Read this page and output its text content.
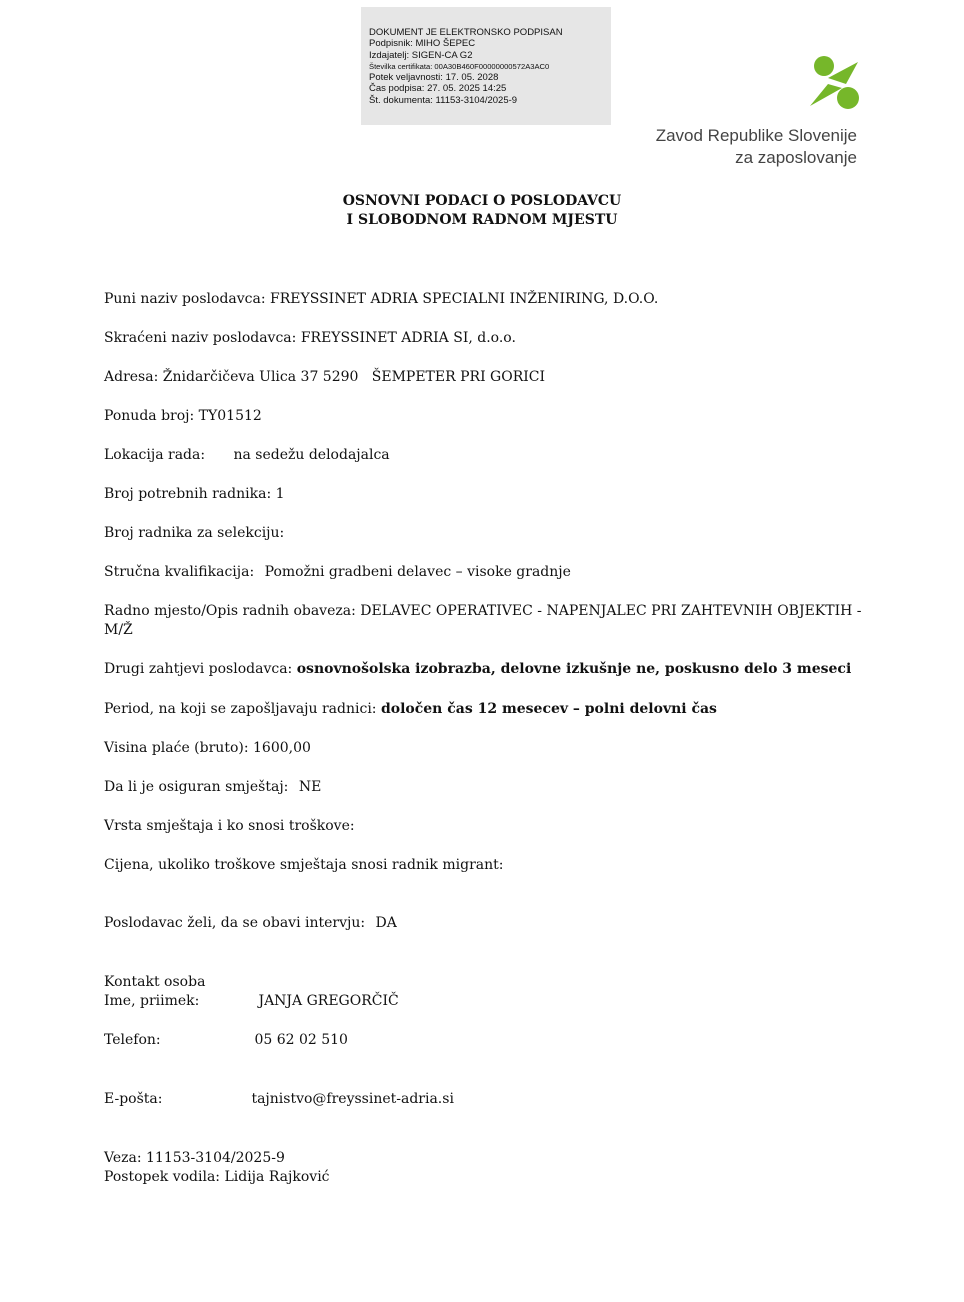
DOKUMENT JE ELEKTRONSKO PODPISAN
Podpisnik: MIHO ŠEPEC
Izdajatelj: SIGEN-CA G2
Številka certifikata: 00A30B460F00000000572A3AC0
Potek veljavnosti: 17. 05. 2028
Čas podpisa: 27. 05. 2025 14:25
Št. dokumenta: 11153-3104/2025-9
Zavod Republike Slovenije
za zaposlovanje
OSNOVNI PODACI O POSLODAVCU
I SLOBODNOM RADNOM MJESTU
Puni naziv poslodavca: FREYSSINET ADRIA SPECIALNI INŽENIRING, D.O.O.
Skraćeni naziv poslodavca: FREYSSINET ADRIA SI, d.o.o.
Adresa: Žnidarčičeva Ulica 37 5290   ŠEMPETER PRI GORICI
Ponuda broj: TY01512
Lokacija rada: na sedežu delodajalca
Broj potrebnih radnika: 1
Broj radnika za selekciju:
Stručna kvalifikacija: Pomožni gradbeni delavec – visoke gradnje
Radno mjesto/Opis radnih obaveza: DELAVEC OPERATIVEC - NAPENJALEC PRI ZAHTEVNIH OBJEKTIH - M/Ž
Drugi zahtjevi poslodavca: osnovnošolska izobrazba, delovne izkušnje ne, poskusno delo 3 meseci
Period, na koji se zapošljavaju radnici: določen čas 12 mesecev – polni delovni čas
Visina plaće (bruto): 1600,00
Da li je osiguran smještaj: NE
Vrsta smještaja i ko snosi troškove:
Cijena, ukoliko troškove smještaja snosi radnik migrant:
Poslodavac želi, da se obavi intervju: DA
Kontakt osoba
Ime, priimek:	JANJA GREGORČIČ
Telefon:	05 62 02 510
E-pošta:	tajnistvo@freyssinet-adria.si
Veza: 11153-3104/2025-9
Postopek vodila: Lidija Rajković
